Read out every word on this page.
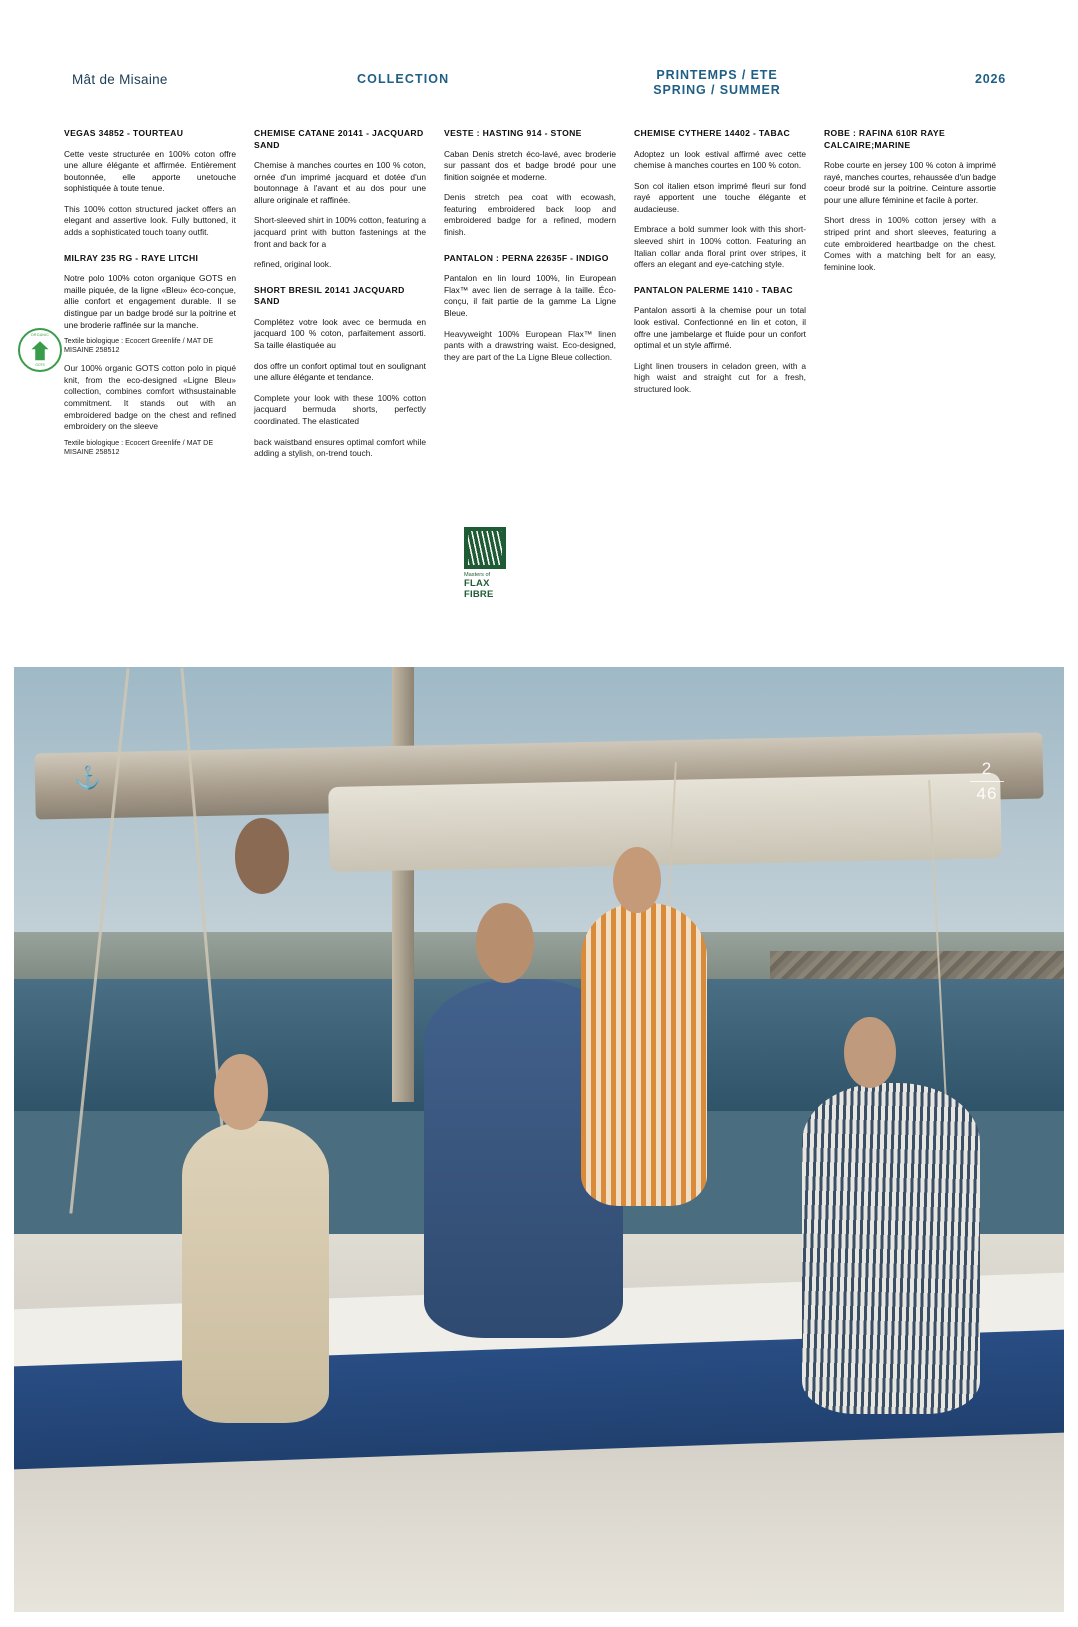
Mât de Misaine	COLLECTION	PRINTEMPS / ETE
SPRING / SUMMER
2026
VEGAS 34852 - TOURTEAU

Cette veste structurée en 100% coton offre une allure élégante et affirmée. Entièrement boutonnée, elle apporte unetouche sophistiquée à toute tenue.

This 100% cotton structured jacket offers an elegant and assertive look. Fully buttoned, it adds a sophisticated touch toany outfit.

MILRAY 235 RG - RAYE LITCHI

Notre polo 100% coton organique GOTS en maille piquée, de la ligne «Bleu» éco-conçue, allie confort et engagement durable. Il se distingue par un badge brodé sur la poitrine et une broderie raffinée sur la manche.

Textile biologique : Ecocert Greenlife / MAT DE MISAINE 258512

Our 100% organic GOTS cotton polo in piqué knit, from the eco-designed «Ligne Bleu» collection, combines comfort withsustainable commitment. It stands out with an embroidered badge on the chest and refined embroidery on the sleeve

Textile biologique : Ecocert Greenlife / MAT DE MISAINE 258512

CHEMISE CATANE 20141 - JACQUARD SAND

Chemise à manches courtes en 100 % coton, ornée d'un imprimé jacquard et dotée d'un boutonnage à l'avant et au dos pour une allure originale et raffinée.

Short-sleeved shirt in 100% cotton, featuring a jacquard print with button fastenings at the front and back for a

refined, original look.

SHORT BRESIL 20141 JACQUARD SAND

Complétez votre look avec ce bermuda en jacquard 100 % coton, parfaitement assorti. Sa taille élastiquée au

dos offre un confort optimal tout en soulignant une allure élégante et tendance.

Complete your look with these 100% cotton jacquard bermuda shorts, perfectly coordinated. The elasticated

back waistband ensures optimal comfort while adding a stylish, on-trend touch.

VESTE : HASTING 914 - STONE

Caban Denis stretch éco-lavé, avec broderie sur passant dos et badge brodé pour une finition soignée et moderne.

Denis stretch pea coat with ecowash, featuring embroidered back loop and embroidered badge for a refined, modern finish.

PANTALON : PERNA 22635F - INDIGO

Pantalon en lin lourd 100%, lin European Flax™ avec lien de serrage à la taille. Éco-conçu, il fait partie de la gamme La Ligne Bleue.

Heavyweight 100% European Flax™ linen pants with a drawstring waist. Eco-designed, they are part of the La Ligne Bleue collection.

CHEMISE CYTHERE 14402 - TABAC

Adoptez un look estival affirmé avec cette chemise à manches courtes en 100 % coton.

Son col italien etson imprimé fleuri sur fond rayé apportent une touche élégante et audacieuse.

Embrace a bold summer look with this short-sleeved shirt in 100% cotton. Featuring an Italian collar anda floral print over stripes, it offers an elegant and eye-catching style.

PANTALON PALERME 1410 - TABAC

Pantalon assorti à la chemise pour un total look estival. Confectionné en lin et coton, il offre une jambelarge et fluide pour un confort optimal et un style affirmé.

Light linen trousers in celadon green, with a high waist and straight cut for a fresh, structured look.

ROBE : RAFINA 610R RAYE CALCAIRE;MARINE

Robe courte en jersey 100 % coton à imprimé rayé, manches courtes, rehaussée d'un badge coeur brodé sur la poitrine. Ceinture assortie pour une allure féminine et facile à porter.

Short dress in 100% cotton jersey with a striped print and short sleeves, featuring a cute embroidered heartbadge on the chest. Comes with a matching belt for an easy, feminine look.

ORGANIC
GOTS
Masters of
FLAX
FIBRE
⚓	2
46
